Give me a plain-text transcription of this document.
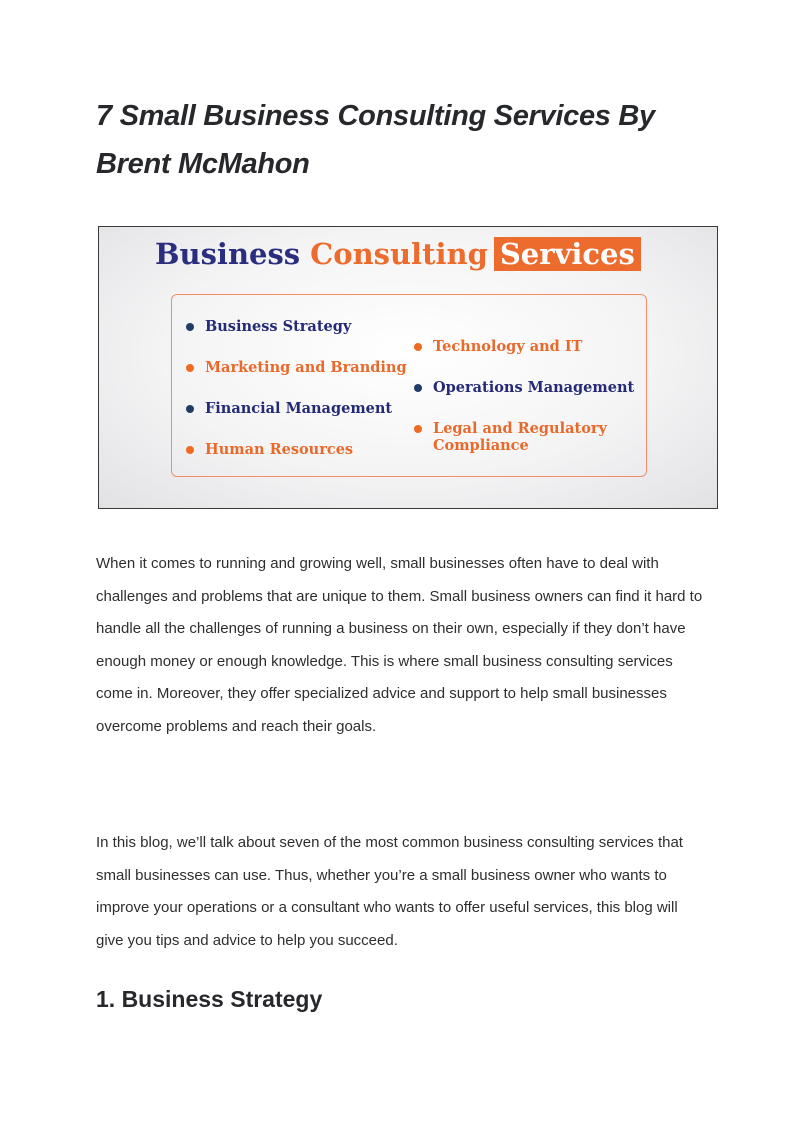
7 Small Business Consulting Services By Brent McMahon
Business Consulting Services
Business Strategy
Marketing and Branding
Financial Management
Human Resources
Technology and IT
Operations Management
Legal and Regulatory Compliance

When it comes to running and growing well, small businesses often have to deal with challenges and problems that are unique to them. Small business owners can find it hard to handle all the challenges of running a business on their own, especially if they don’t have enough money or enough knowledge. This is where small business consulting services come in. Moreover, they offer specialized advice and support to help small businesses overcome problems and reach their goals.

In this blog, we’ll talk about seven of the most common business consulting services that small businesses can use. Thus, whether you’re a small business owner who wants to improve your operations or a consultant who wants to offer useful services, this blog will give you tips and advice to help you succeed.

1. Business Strategy
